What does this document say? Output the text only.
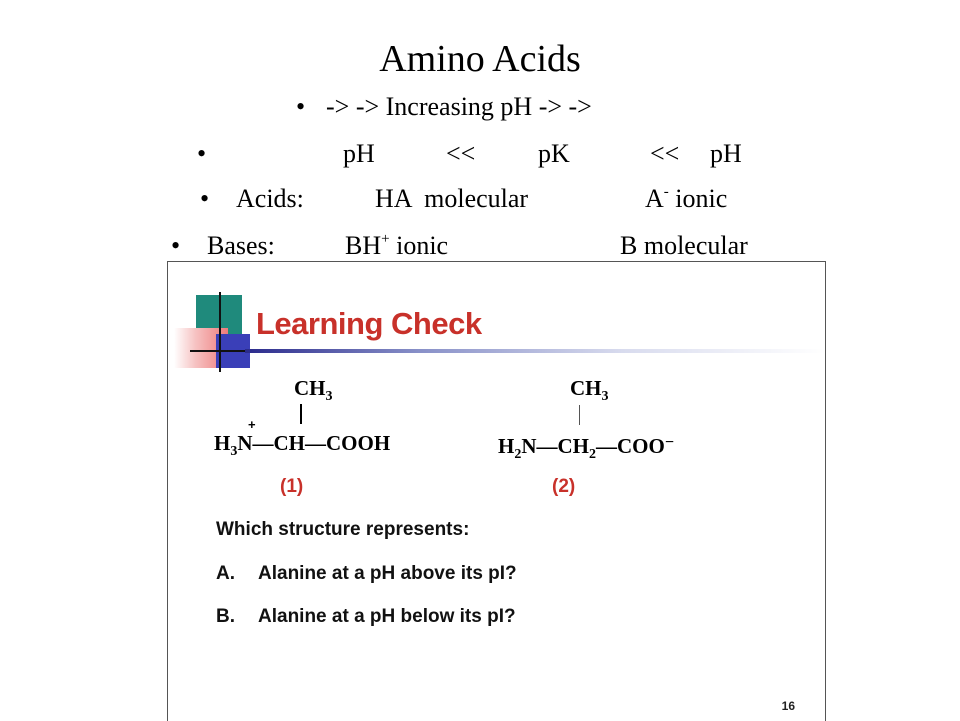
Amino Acids
• -> -> Increasing pH -> ->
•	pH	<< pK	<< pH
• Acids:	HA  molecular	A- ionic
• Bases:	BH+ ionic	B molecular
Learning Check
$CH_3$
+
$H_3N—CH—COOH$
(1)
$CH_3$
$H_2N—CH_2—COO^-$
(2)
Which structure represents:
A. Alanine at a pH above its pI?
B. Alanine at a pH below its pI?
16
